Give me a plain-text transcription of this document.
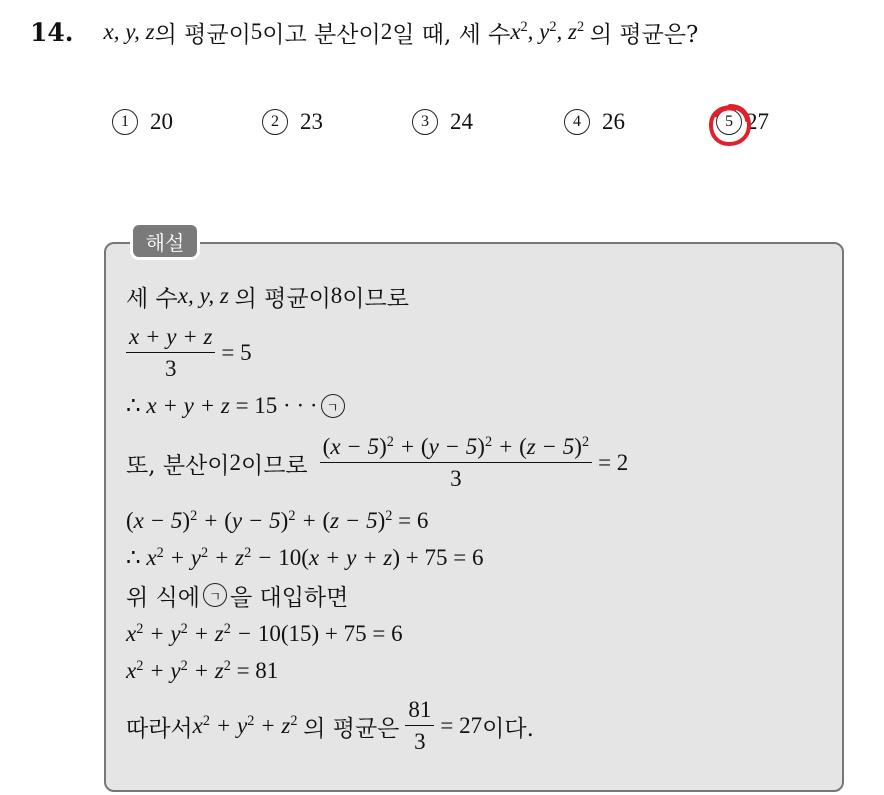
14. x, y, z 의 평균이 5 이고 분산이 2 일 때, 세 수 $x^2$, $y^2$, $z^2$ 의 평균은?
1 20	2 23	3 24	4 26	5 27
해설
세 수 x, y, z 의 평균이 8 이므로
$\frac{x + y + z}{3} = 5$
∴ x + y + z = 15 · · · ㄱ
또, 분산이 2 이므로 $\frac{(x - 5)^2 + (y - 5)^2 + (z - 5)^2}{3} = 2$
$(x - 5)^2 + (y - 5)^2 + (z - 5)^2 = 6$
∴ $x^2 + y^2 + z^2 - 10(x + y + z) + 75 = 6$
위 식에 ㄱ 을 대입하면
$x^2 + y^2 + z^2 - 10(15) + 75 = 6$
$x^2 + y^2 + z^2 = 81$
따라서 $x^2 + y^2 + z^2$ 의 평균은 $\frac{81}{3} = 27$ 이다.
